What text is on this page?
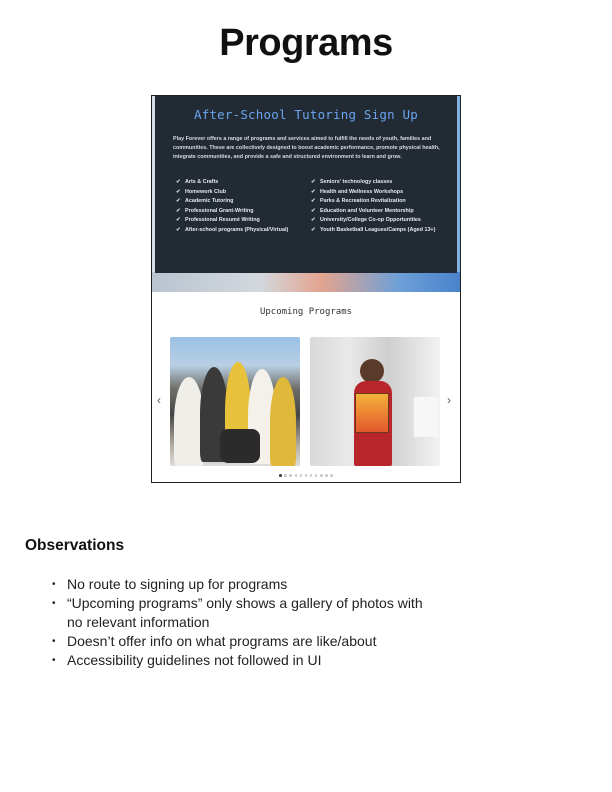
Programs
After-School Tutoring Sign Up
Play Forever offers a range of programs and services aimed to fulfill the needs of youth, families and communities. These are collectively designed to boost academic performance, promote physical health, integrate communities, and provide a safe and structured environment to learn and grow.
✔ Arts & Crafts
✔ Homework Club
✔ Academic Tutoring
✔ Professional Grant-Writing
✔ Professional Resumé Writing
✔ After-school programs (Physical/Virtual)
✔ Seniors' technology classes
✔ Health and Wellness Workshops
✔ Parks & Recreation Revitalization
✔ Education and Volunteer Mentorship
✔ University/College Co-op Opportunities
✔ Youth Basketball Leagues/Camps (Aged 13+)
Upcoming Programs
‹	›
Observations
• No route to signing up for programs
• “Upcoming programs” only shows a gallery of photos with no relevant information
• Doesn’t offer info on what programs are like/about
• Accessibility guidelines not followed in UI
